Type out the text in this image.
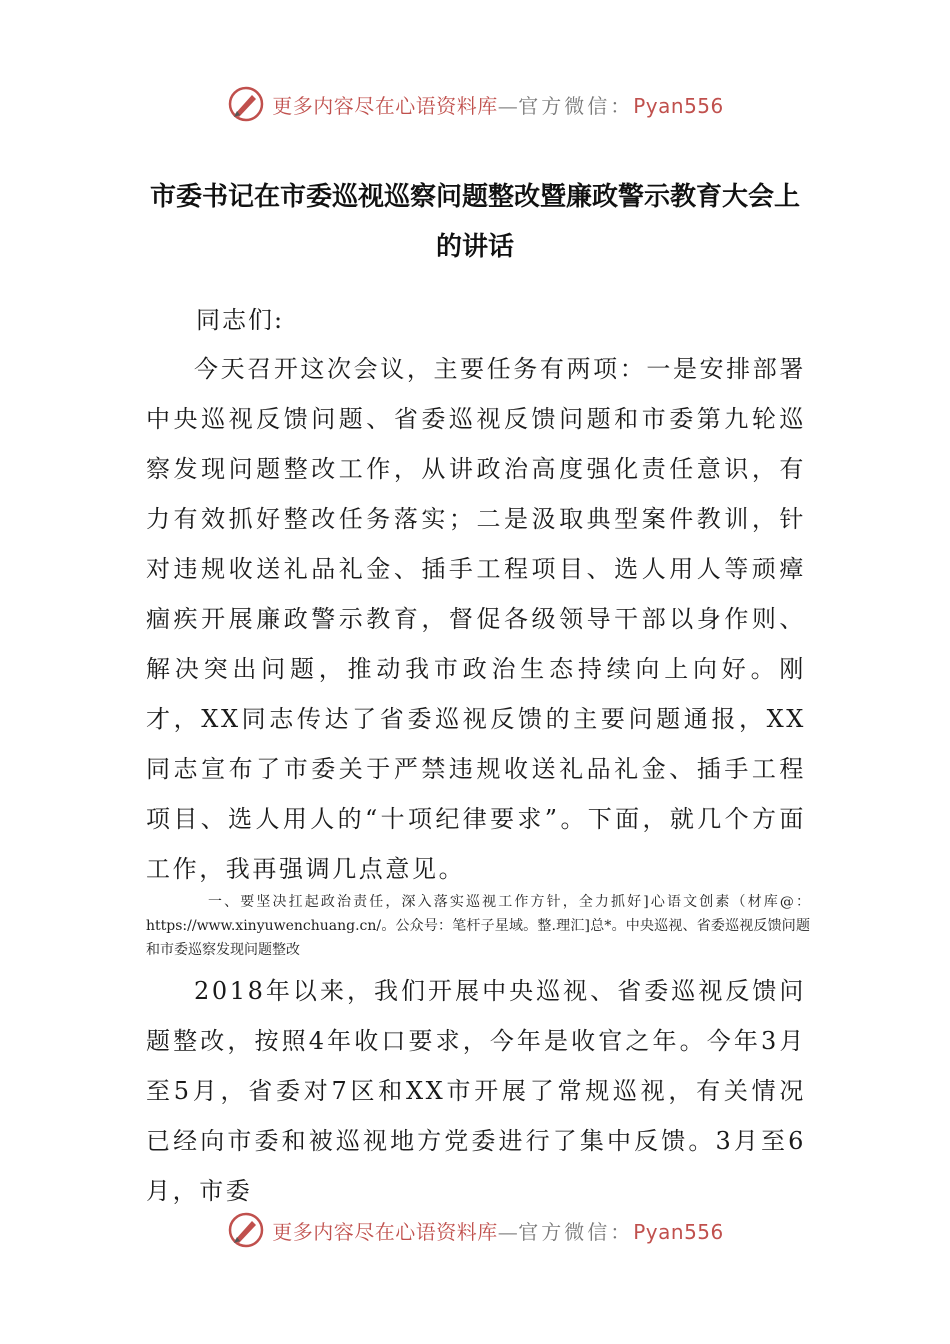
更多内容尽在心语资料库—官方微信：Pyan556
市委书记在市委巡视巡察问题整改暨廉政警示教育大会上的讲话
同志们:

今天召开这次会议，主要任务有两项：一是安排部署中央巡视反馈问题、省委巡视反馈问题和市委第九轮巡察发现问题整改工作，从讲政治高度强化责任意识，有力有效抓好整改任务落实；二是汲取典型案件教训，针对违规收送礼品礼金、插手工程项目、选人用人等顽瘴痼疾开展廉政警示教育，督促各级领导干部以身作则、解决突出问题，推动我市政治生态持续向上向好。刚才，XX同志传达了省委巡视反馈的主要问题通报，XX同志宣布了市委关于严禁违规收送礼品礼金、插手工程项目、选人用人的“十项纪律要求”。下面，就几个方面工作，我再强调几点意见。

一、要坚决扛起政治责任，深入落实巡视工作方针，全力抓好]心语文创素（材库@：https://www.xinyuwenchuang.cn/。公众号：笔杆子星域。整.理汇]总*。中央巡视、省委巡视反馈问题和市委巡察发现问题整改

2018年以来，我们开展中央巡视、省委巡视反馈问题整改，按照4年收口要求，今年是收官之年。今年3月至5月，省委对7区和XX市开展了常规巡视，有关情况已经向市委和被巡视地方党委进行了集中反馈。3月至6月，市委

更多内容尽在心语资料库—官方微信：Pyan556
